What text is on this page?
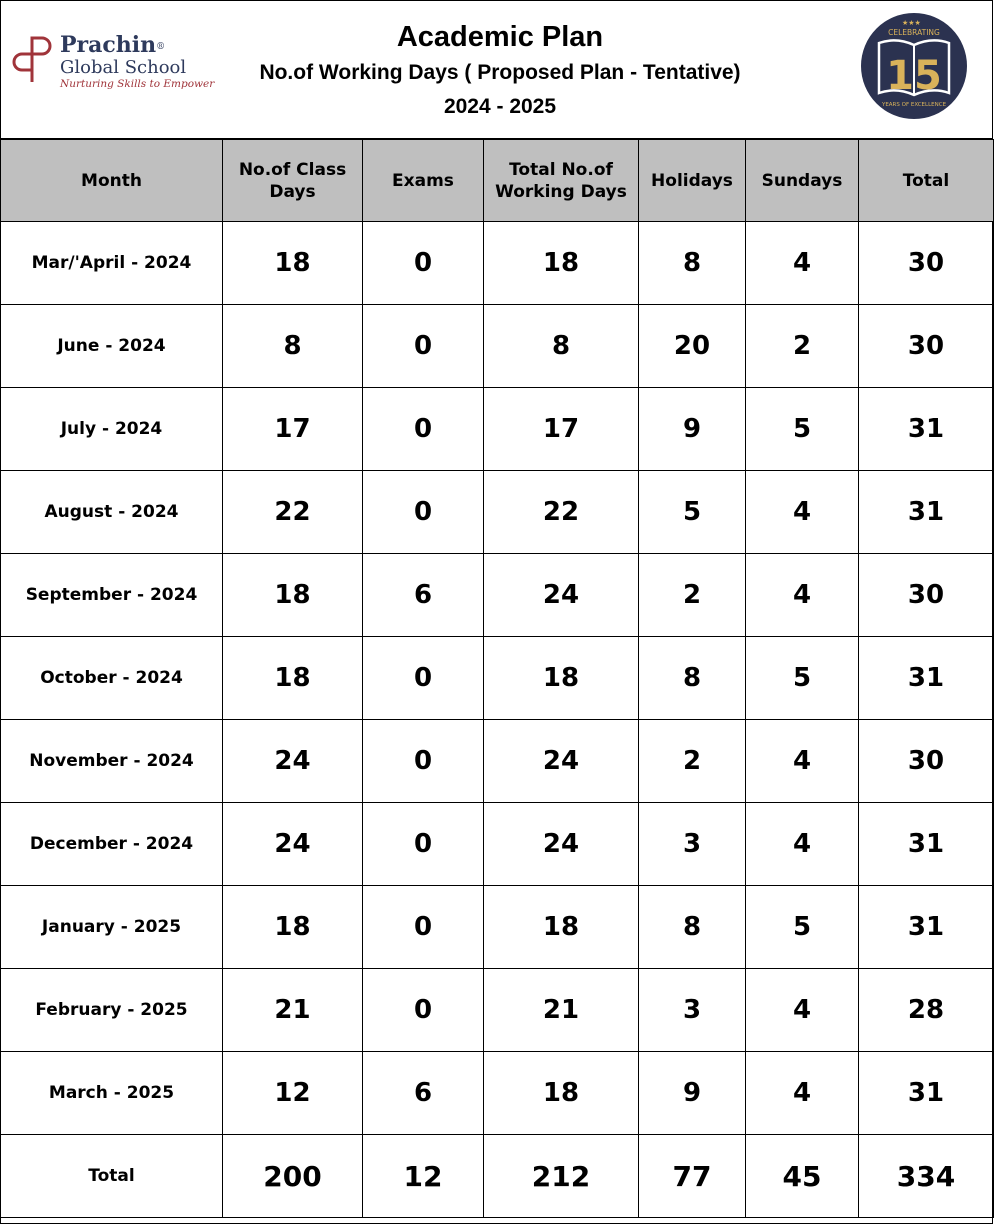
Prachin®
Global School
Nurturing Skills to Empower
Academic Plan
No.of Working Days ( Proposed Plan - Tentative)
2024 - 2025
★★★
CELEBRATING
15
YEARS OF EXCELLENCE
Month	No.of Class Days	Exams	Total No.of Working Days	Holidays	Sundays	Total
Mar/'April - 2024	18	0	18	8	4	30
June - 2024	8	0	8	20	2	30
July - 2024	17	0	17	9	5	31
August - 2024	22	0	22	5	4	31
September - 2024	18	6	24	2	4	30
October - 2024	18	0	18	8	5	31
November - 2024	24	0	24	2	4	30
December - 2024	24	0	24	3	4	31
January - 2025	18	0	18	8	5	31
February - 2025	21	0	21	3	4	28
March - 2025	12	6	18	9	4	31
Total	200	12	212	77	45	334
